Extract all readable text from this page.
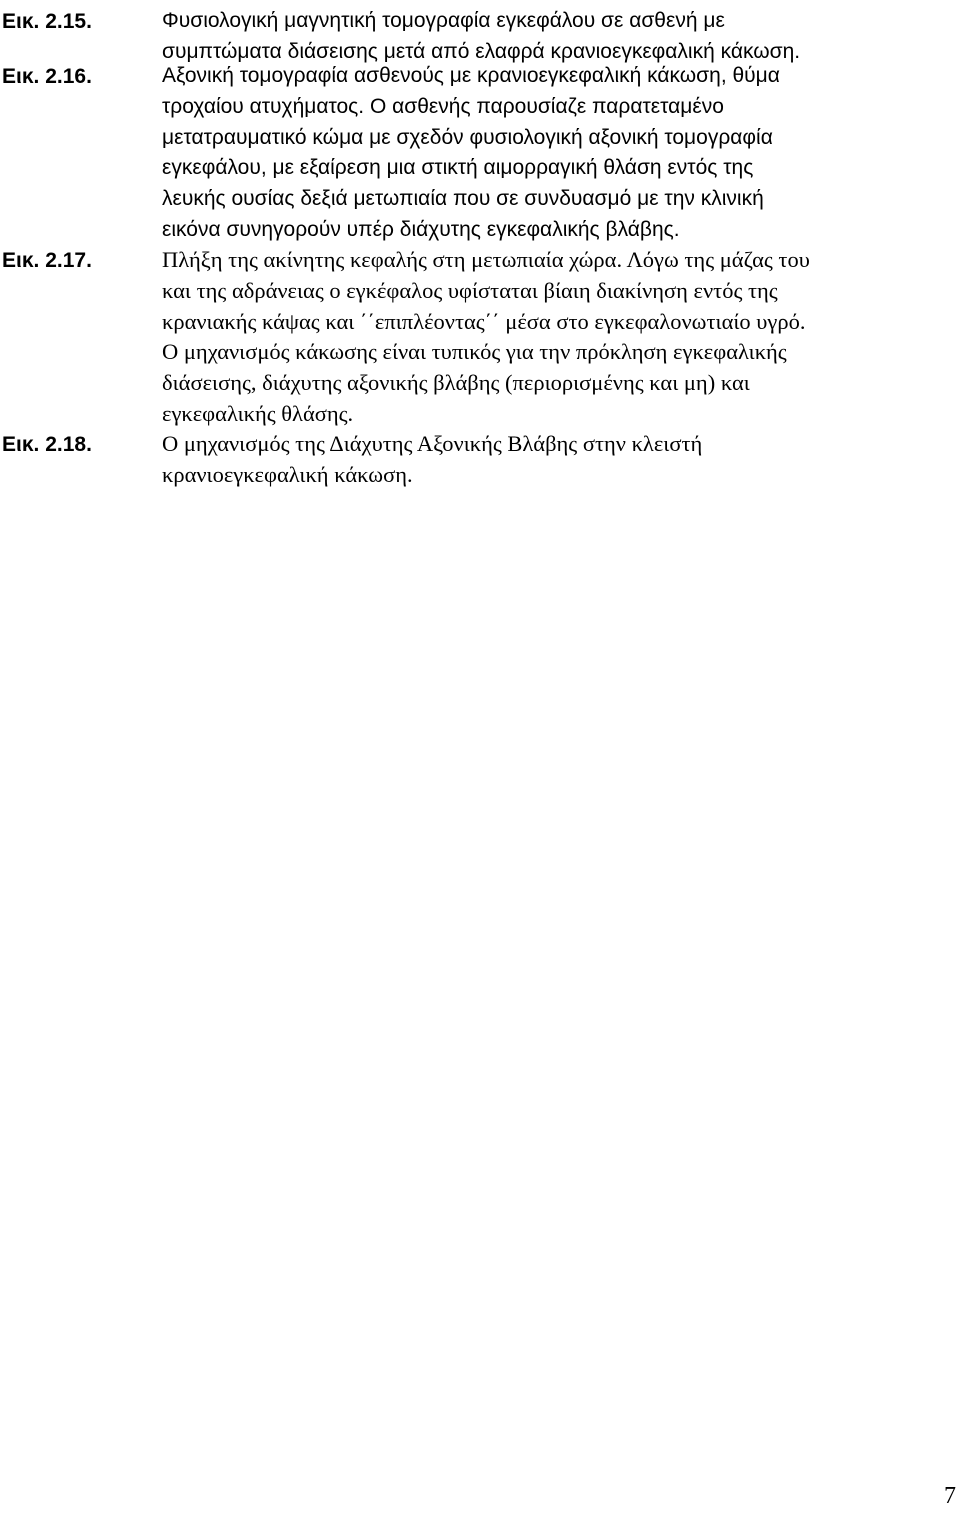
Εικ. 2.15.	Φυσιολογική μαγνητική τομογραφία εγκεφάλου σε ασθενή με
συμπτώματα διάσεισης μετά από ελαφρά κρανιοεγκεφαλική κάκωση.
Εικ. 2.16.	Αξονική τομογραφία ασθενούς με κρανιοεγκεφαλική κάκωση, θύμα
τροχαίου ατυχήματος. Ο ασθενής παρουσίαζε παρατεταμένο
μετατραυματικό κώμα με σχεδόν φυσιολογική αξονική τομογραφία
εγκεφάλου, με εξαίρεση μια στικτή αιμορραγική θλάση εντός της
λευκής ουσίας δεξιά μετωπιαία που σε συνδυασμό με την κλινική
εικόνα συνηγορούν υπέρ διάχυτης εγκεφαλικής βλάβης.
Εικ. 2.17.	Πλήξη της ακίνητης κεφαλής στη μετωπιαία χώρα. Λόγω της μάζας του
και της αδράνειας ο εγκέφαλος υφίσταται βίαιη διακίνηση εντός της
κρανιακής κάψας και ΄΄επιπλέοντας΄΄ μέσα στο εγκεφαλονωτιαίο υγρό.
Ο μηχανισμός κάκωσης είναι τυπικός για την πρόκληση εγκεφαλικής
διάσεισης, διάχυτης αξονικής βλάβης (περιορισμένης και μη) και
εγκεφαλικής θλάσης.
Εικ. 2.18.	Ο μηχανισμός της Διάχυτης Αξονικής Βλάβης στην κλειστή
κρανιοεγκεφαλική κάκωση.
7
